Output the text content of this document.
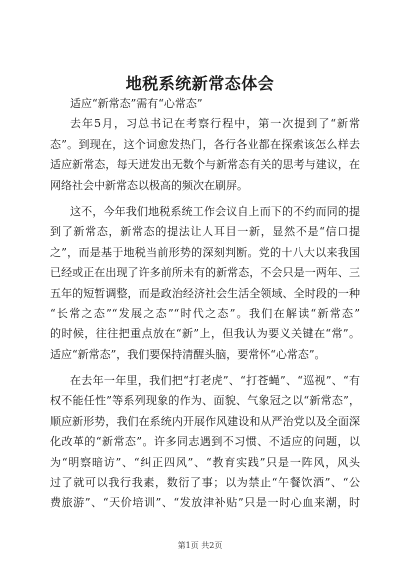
地税系统新常态体会
适应“新常态”需有“心常态”
去年5月，习总书记在考察行程中，第一次提到了“新常
态”。到现在，这个词愈发热门，各行各业都在探索该怎么样去
适应新常态，每天迸发出无数个与新常态有关的思考与建议，在
网络社会中新常态以极高的频次在刷屏。
这不，今年我们地税系统工作会议自上而下的不约而同的提
到了新常态，新常态的提法让人耳目一新，显然不是“信口提
之”，而是基于地税当前形势的深刻判断。党的十八大以来我国
已经或正在出现了许多前所未有的新常态，不会只是一两年、三
五年的短暂调整，而是政治经济社会生活全领域、全时段的一种
“长常之态”“发展之态”“时代之态”。我们在解读“新常态”
的时候，往往把重点放在“新”上，但我认为要义关键在“常”。
适应“新常态”，我们要保持清醒头脑，要常怀“心常态”。
在去年一年里，我们把“打老虎”、“打苍蝇”、“巡视”、“有
权不能任性”等系列现象的作为、面貌、气象冠之以“新常态”，
顺应新形势，我们在系统内开展作风建设和从严治党以及全面深
化改革的“新常态”。许多同志遇到不习惯、不适应的问题，以
为“明察暗访”、“纠正四风”、“教育实践”只是一阵风，风头
过了就可以我行我素，数衍了事；以为禁止“午餐饮酒”、“公
费旅游”、“天价培训”、“发放津补贴”只是一时心血来潮，时
第1页 共2页
